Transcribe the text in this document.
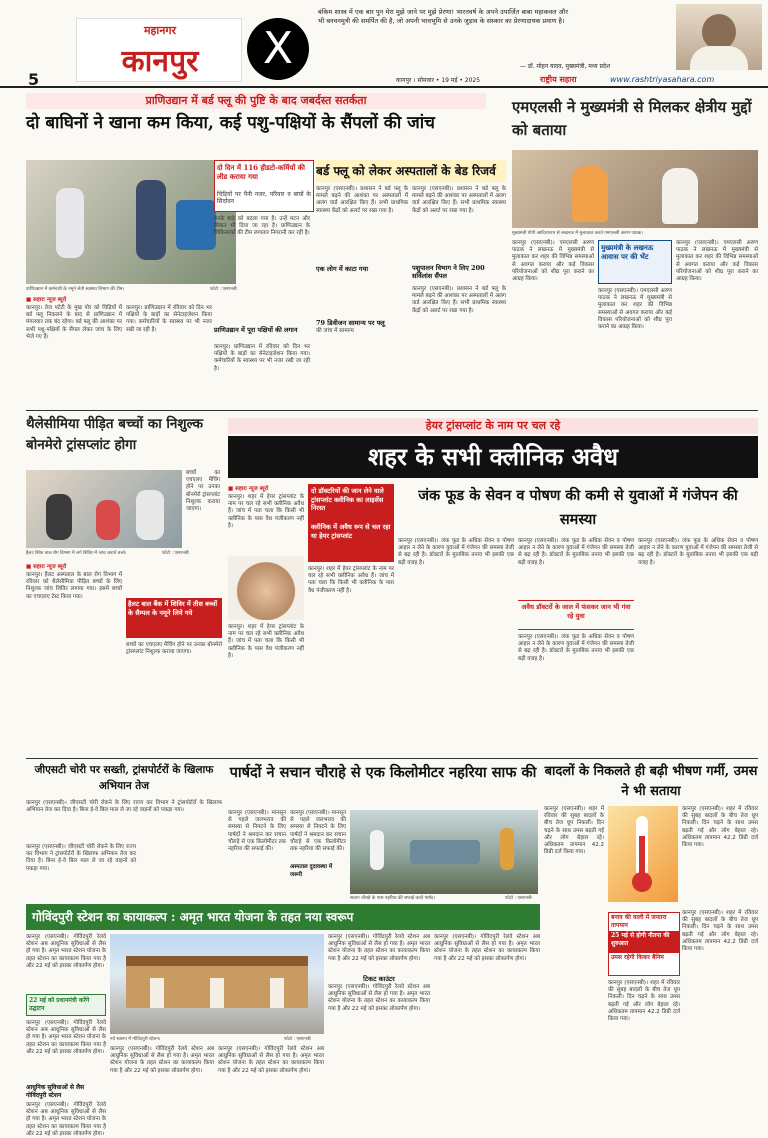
5
महानगर
कानपुर	X
बंकिम शास्त्र में एक बार पुन मेरा मुझे जाने पर मुझे प्रेरणा! भारतवर्ष के अपने उपार्जित बाबा महाकवल और भी बनवनमुत्री की समर्पित की है, जो अपनी भावभूमि से उनके जुड़ाव के संस्कार का प्रेरणादायक प्रमाण है।
— डॉ. मोहन यादव, मुख्यमंत्री, मध्य प्रदेश
कानपुर । सोमवार • 19 मई • 2025	राष्ट्रीय सहारा	www.rashtriyasahara.com
प्राणिउद्यान में बर्ड फ्लू की पुष्टि के बाद जबर्दस्त सतर्कता
दो बाघिनों ने खाना कम किया, कई पशु-पक्षियों के सैंपलों की जांच
प्राणिउद्यान में कर्मचारी के नमूने लेती स्वास्थ्य विभाग की टीम।	फोटो : एसएनबी
■ सहारा न्यूज ब्यूरो
कानपुर। तेज पटेटी के मुख पोर को चिड़ियों में बर्ड फ्लू निकलने के बाद से प्राणिउद्यान में मंगलवार तक बंद रहेगा। बर्ड फ्लू की आशंका पर सभी पशु-पक्षियों के सैंपल लेकर जांच के लिए भेजे गए हैं।
दो दिन में 116 हीडटो-कर्मियों की लीड कराया गया
चिड़ियों पर पैनी नजर, परिवार व बाघों के सिर्दावन
उनके बाड़े को बदला गया है। उन्हें मटन और चिकन भी दिया जा रहा है। प्राणिउद्यान के चिकित्सकों की टीम लगातार निगरानी कर रही है।
प्राणिउद्यान में पूरा पक्षियों की लगान
कानपुर। प्राणिउद्यान में रविवार को दिन भर पक्षियों के बाड़ों का सेनेटाइजेशन किया गया। कर्मचारियों के स्वास्थ्य पर भी नजर रखी जा रही है।
कानपुर। प्राणिउद्यान में रविवार को दिन भर पक्षियों के बाड़ों का सेनेटाइजेशन किया गया। कर्मचारियों के स्वास्थ्य पर भी नजर रखी जा रही है।
बर्ड फ्लू को लेकर अस्पतालों के बेड रिजर्व
कानपुर (एसएनबी)। प्रशासन ने बर्ड फ्लू के मामले बढ़ने की आशंका पर अस्पतालों में अलग वार्ड आरक्षित किए हैं। सभी प्राथमिक स्वास्थ्य केंद्रों को अलर्ट पर रखा गया है।
कानपुर (एसएनबी)। प्रशासन ने बर्ड फ्लू के मामले बढ़ने की आशंका पर अस्पतालों में अलग वार्ड आरक्षित किए हैं। सभी प्राथमिक स्वास्थ्य केंद्रों को अलर्ट पर रखा गया है।
एक लोग में काटा गया	पशुपालन विभाग ने लिए 200 सर्विलांस सैंपल
79 डिवीजन सामान्य पर फ्लू
की जांच में सामान्य
कानपुर (एसएनबी)। प्रशासन ने बर्ड फ्लू के मामले बढ़ने की आशंका पर अस्पतालों में अलग वार्ड आरक्षित किए हैं। सभी प्राथमिक स्वास्थ्य केंद्रों को अलर्ट पर रखा गया है।
एमएलसी ने मुख्यमंत्री से मिलकर क्षेत्रीय मुद्दों को बताया
मुख्यमंत्री योगी आदित्यनाथ से लखनऊ में मुलाकात करते एमएलसी अरुण पाठक।
कानपुर (एसएनबी)। एमएलसी अरुण पाठक ने लखनऊ में मुख्यमंत्री से मुलाकात कर शहर की विभिन्न समस्याओं से अवगत कराया और कई विकास परियोजनाओं को शीघ्र पूरा कराने का आग्रह किया।
मुख्यमंत्री के लखनऊ आवास पर की भेंट
कानपुर (एसएनबी)। एमएलसी अरुण पाठक ने लखनऊ में मुख्यमंत्री से मुलाकात कर शहर की विभिन्न समस्याओं से अवगत कराया और कई विकास परियोजनाओं को शीघ्र पूरा कराने का आग्रह किया।
कानपुर (एसएनबी)। एमएलसी अरुण पाठक ने लखनऊ में मुख्यमंत्री से मुलाकात कर शहर की विभिन्न समस्याओं से अवगत कराया और कई विकास परियोजनाओं को शीघ्र पूरा कराने का आग्रह किया।
थैलेसीमिया पीड़ित बच्चों का निशुल्क बोनमेरो ट्रांसप्लांट होगा
हैलट स्थित बाल रोग विभाग में लगे शिविर में जांच कराते बच्चे।	फोटो : एसएनबी
बच्चों का एचएलए मैचिंग होने पर उनका बोनमेरो ट्रांसप्लांट निशुल्क कराया जाएगा।
■ सहारा न्यूज ब्यूरो
कानपुर। हैलट अस्पताल के बाल रोग विभाग में रविवार को थैलेसीमिया पीड़ित बच्चों के लिए निशुल्क जांच शिविर लगाया गया। इसमें बच्चों का एचएलए टेस्ट किया गया।
हैलट बाल बैंक में शिविर में तीस बच्चों के सैम्पल के नमूने लिये गये
बच्चों का एचएलए मैचिंग होने पर उनका बोनमेरो ट्रांसप्लांट निशुल्क कराया जाएगा।
हेयर ट्रांसप्लांट के नाम पर चल रहे
शहर के सभी क्लीनिक अवैध
■ सहारा न्यूज ब्यूरो
कानपुर। शहर में हेयर ट्रांसप्लांट के नाम पर चल रहे सभी क्लीनिक अवैध हैं। जांच में पता चला कि किसी भी क्लीनिक के पास वैध पंजीकरण नहीं है।
कानपुर। शहर में हेयर ट्रांसप्लांट के नाम पर चल रहे सभी क्लीनिक अवैध हैं। जांच में पता चला कि किसी भी क्लीनिक के पास वैध पंजीकरण नहीं है।
दो डॉक्टरियों की जान लेने वाले ट्रांसप्लांट क्लीनिक का लाइसेंस निरस्त
क्लीनिक में अवैध रूप से चल रहा था हेयर ट्रांसप्लांट
कानपुर। शहर में हेयर ट्रांसप्लांट के नाम पर चल रहे सभी क्लीनिक अवैध हैं। जांच में पता चला कि किसी भी क्लीनिक के पास वैध पंजीकरण नहीं है।
जंक फूड के सेवन व पोषण की कमी से युवाओं में गंजेपन की समस्या
कानपुर (एसएनबी)। जंक फूड के अधिक सेवन व पोषण आहार न लेने के कारण युवाओं में गंजेपन की समस्या तेजी से बढ़ रही है। डॉक्टरों के मुताबिक तनाव भी इसकी एक बड़ी वजह है।
कानपुर (एसएनबी)। जंक फूड के अधिक सेवन व पोषण आहार न लेने के कारण युवाओं में गंजेपन की समस्या तेजी से बढ़ रही है। डॉक्टरों के मुताबिक तनाव भी इसकी एक बड़ी वजह है।
अवैध डॉक्टरों के जाल में फंसकर जान भी गंवा रहे युवा
कानपुर (एसएनबी)। जंक फूड के अधिक सेवन व पोषण आहार न लेने के कारण युवाओं में गंजेपन की समस्या तेजी से बढ़ रही है। डॉक्टरों के मुताबिक तनाव भी इसकी एक बड़ी वजह है।
कानपुर (एसएनबी)। जंक फूड के अधिक सेवन व पोषण आहार न लेने के कारण युवाओं में गंजेपन की समस्या तेजी से बढ़ रही है। डॉक्टरों के मुताबिक तनाव भी इसकी एक बड़ी वजह है।
जीएसटी चोरी पर सख्ती, ट्रांसपोर्टरों के खिलाफ अभियान तेज
कानपुर (एसएनबी)। जीएसटी चोरी रोकने के लिए राज्य कर विभाग ने ट्रांसपोर्टरों के खिलाफ अभियान तेज कर दिया है। बिना ई-वे बिल माल ले जा रहे वाहनों को पकड़ा गया।
कानपुर (एसएनबी)। जीएसटी चोरी रोकने के लिए राज्य कर विभाग ने ट्रांसपोर्टरों के खिलाफ अभियान तेज कर दिया है। बिना ई-वे बिल माल ले जा रहे वाहनों को पकड़ा गया।
पार्षदों ने सचान चौराहे से एक किलोमीटर नहरिया साफ की
कानपुर (एसएनबी)। मानसून से पहले जलभराव की समस्या से निपटने के लिए पार्षदों ने श्रमदान कर सचान चौराहे से एक किलोमीटर तक नहरिया की सफाई की।
कानपुर (एसएनबी)। मानसून से पहले जलभराव की समस्या से निपटने के लिए पार्षदों ने श्रमदान कर सचान चौराहे से एक किलोमीटर तक नहरिया की सफाई की।
अस्पताल दुदावस्था में जरूरी
सचान चौराहे के पास नहरिया की सफाई करते पार्षद।	फोटो : एसएनबी
बादलों के निकलते ही बढ़ी भीषण गर्मी, उमस ने भी सताया
कानपुर (एसएनबी)। शहर में रविवार की सुबह बादलों के बीच तेज धूप निकली। दिन चढ़ने के साथ उमस बढ़ती गई और लोग बेहाल रहे। अधिकतम तापमान 42.2 डिग्री दर्ज किया गया।
कानपुर (एसएनबी)। शहर में रविवार की सुबह बादलों के बीच तेज धूप निकली। दिन चढ़ने के साथ उमस बढ़ती गई और लोग बेहाल रहे। अधिकतम तापमान 42.2 डिग्री दर्ज किया गया।
बनाव की वाली में जनतरा तापमान
25 मई से होगी नौतपा की शुरुआत
उमस रहेगी किकर बैनिम
कानपुर (एसएनबी)। शहर में रविवार की सुबह बादलों के बीच तेज धूप निकली। दिन चढ़ने के साथ उमस बढ़ती गई और लोग बेहाल रहे। अधिकतम तापमान 42.2 डिग्री दर्ज किया गया।
कानपुर (एसएनबी)। शहर में रविवार की सुबह बादलों के बीच तेज धूप निकली। दिन चढ़ने के साथ उमस बढ़ती गई और लोग बेहाल रहे। अधिकतम तापमान 42.2 डिग्री दर्ज किया गया।
गोविंदपुरी स्टेशन का कायाकल्प : अमृत भारत योजना के तहत नया स्वरूप
कानपुर (एसएनबी)। गोविंदपुरी रेलवे स्टेशन अब आधुनिक सुविधाओं से लैस हो गया है। अमृत भारत स्टेशन योजना के तहत स्टेशन का कायाकल्प किया गया है और 22 मई को इसका लोकार्पण होगा।
22 मई को प्रधानमंत्री करेंगे उद्घाटन
कानपुर (एसएनबी)। गोविंदपुरी रेलवे स्टेशन अब आधुनिक सुविधाओं से लैस हो गया है। अमृत भारत स्टेशन योजना के तहत स्टेशन का कायाकल्प किया गया है और 22 मई को इसका लोकार्पण होगा।
आधुनिक सुविधाओं से लैस गोविंदपुरी स्टेशन
कानपुर (एसएनबी)। गोविंदपुरी रेलवे स्टेशन अब आधुनिक सुविधाओं से लैस हो गया है। अमृत भारत स्टेशन योजना के तहत स्टेशन का कायाकल्प किया गया है और 22 मई को इसका लोकार्पण होगा।
नये स्वरूप में गोविंदपुरी स्टेशन।	फोटो : एसएनबी
कानपुर (एसएनबी)। गोविंदपुरी रेलवे स्टेशन अब आधुनिक सुविधाओं से लैस हो गया है। अमृत भारत स्टेशन योजना के तहत स्टेशन का कायाकल्प किया गया है और 22 मई को इसका लोकार्पण होगा।
कानपुर (एसएनबी)। गोविंदपुरी रेलवे स्टेशन अब आधुनिक सुविधाओं से लैस हो गया है। अमृत भारत स्टेशन योजना के तहत स्टेशन का कायाकल्प किया गया है और 22 मई को इसका लोकार्पण होगा।
कानपुर (एसएनबी)। गोविंदपुरी रेलवे स्टेशन अब आधुनिक सुविधाओं से लैस हो गया है। अमृत भारत स्टेशन योजना के तहत स्टेशन का कायाकल्प किया गया है और 22 मई को इसका लोकार्पण होगा।
टिकट काउंटर
कानपुर (एसएनबी)। गोविंदपुरी रेलवे स्टेशन अब आधुनिक सुविधाओं से लैस हो गया है। अमृत भारत स्टेशन योजना के तहत स्टेशन का कायाकल्प किया गया है और 22 मई को इसका लोकार्पण होगा।
कानपुर (एसएनबी)। गोविंदपुरी रेलवे स्टेशन अब आधुनिक सुविधाओं से लैस हो गया है। अमृत भारत स्टेशन योजना के तहत स्टेशन का कायाकल्प किया गया है और 22 मई को इसका लोकार्पण होगा।
